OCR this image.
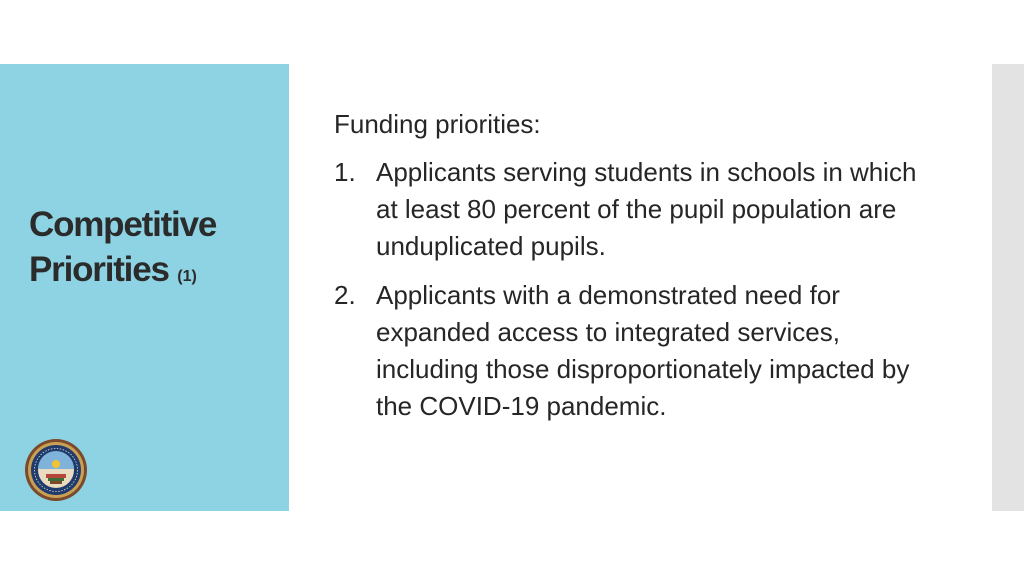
Competitive
Priorities (1)

Funding priorities:

1. Applicants serving students in schools in which at least 80 percent of the pupil population are unduplicated pupils.
2. Applicants with a demonstrated need for expanded access to integrated services, including those disproportionately impacted by the COVID-19 pandemic.
